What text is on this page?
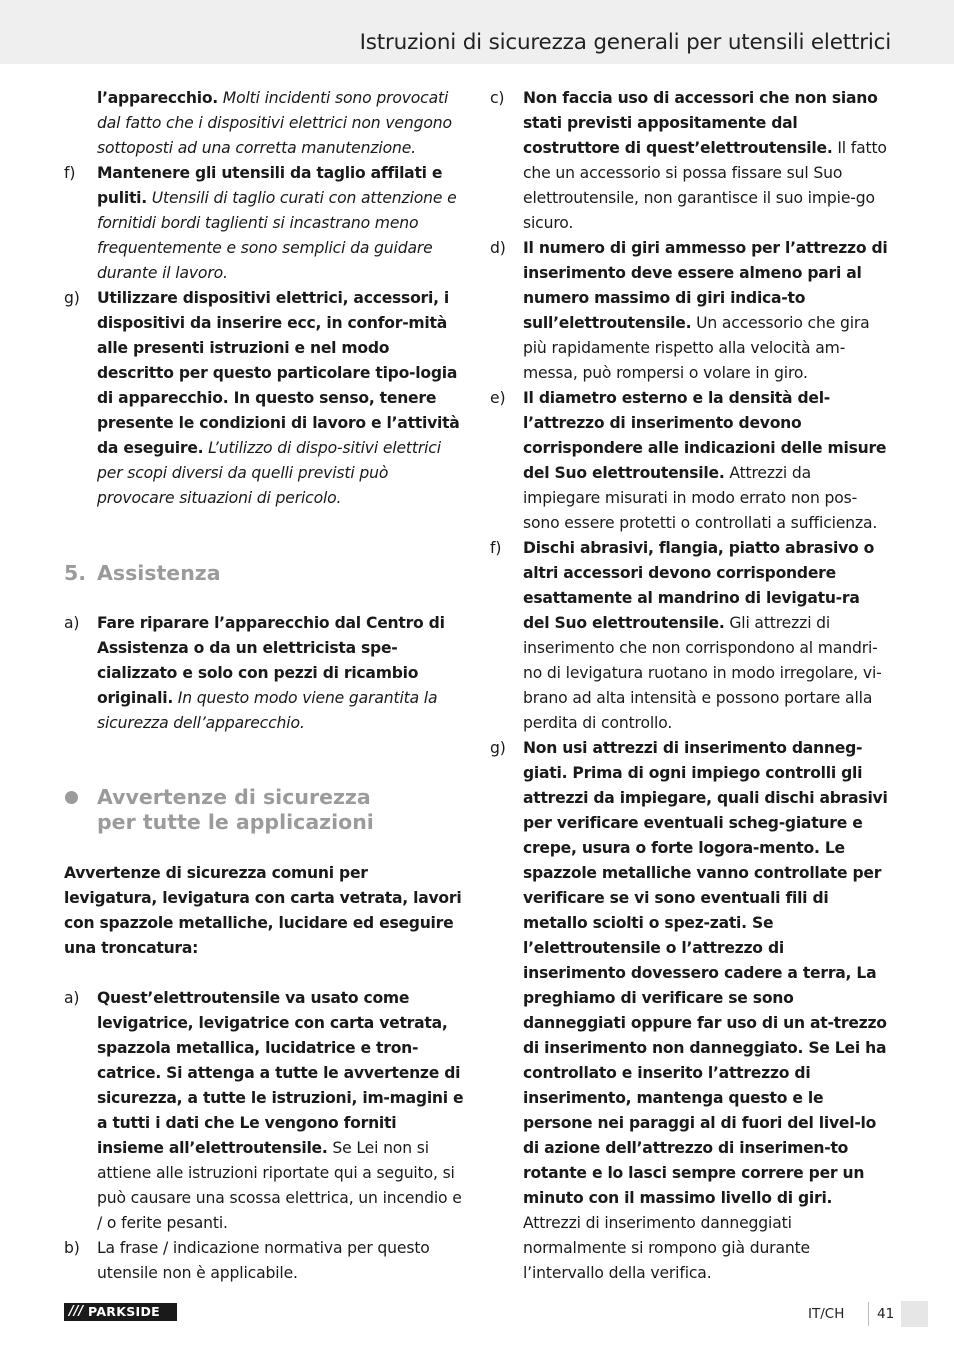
Istruzioni di sicurezza generali per utensili elettrici
l’apparecchio. Molti incidenti sono provocati dal fatto che i dispositivi elettrici non vengono sottoposti ad una corretta manutenzione.
f) Mantenere gli utensili da taglio affilati e puliti. Utensili di taglio curati con attenzione e fornitidi bordi taglienti si incastrano meno frequentemente e sono semplici da guidare durante il lavoro.
g) Utilizzare dispositivi elettrici, accessori, i dispositivi da inserire ecc, in confor-mità alle presenti istruzioni e nel modo descritto per questo particolare tipo-logia di apparecchio. In questo senso, tenere presente le condizioni di lavoro e l’attività da eseguire. L’utilizzo di dispo-sitivi elettrici per scopi diversi da quelli previsti può provocare situazioni di pericolo.
5. Assistenza
a) Fare riparare l’apparecchio dal Centro di Assistenza o da un elettricista spe-cializzato e solo con pezzi di ricambio originali. In questo modo viene garantita la sicurezza dell’apparecchio.
Avvertenze di sicurezza
per tutte le applicazioni
Avvertenze di sicurezza comuni per levigatura, levigatura con carta vetrata, lavori con spazzole metalliche, lucidare ed eseguire una troncatura:
a) Quest’elettroutensile va usato come levigatrice, levigatrice con carta vetrata, spazzola metallica, lucidatrice e tron-catrice. Si attenga a tutte le avvertenze di sicurezza, a tutte le istruzioni, im-magini e a tutti i dati che Le vengono forniti insieme all’elettroutensile. Se Lei non si attiene alle istruzioni riportate qui a seguito, si può causare una scossa elettrica, un incendio e / o ferite pesanti.
b) La frase / indicazione normativa per questo utensile non è applicabile.
c) Non faccia uso di accessori che non siano stati previsti appositamente dal costruttore di quest’elettroutensile. Il fatto che un accessorio si possa fissare sul Suo elettroutensile, non garantisce il suo impie-go sicuro.
d) Il numero di giri ammesso per l’attrezzo di inserimento deve essere almeno pari al numero massimo di giri indica-to sull’elettroutensile. Un accessorio che gira più rapidamente rispetto alla velocità am-messa, può rompersi o volare in giro.
e) Il diametro esterno e la densità del-l’attrezzo di inserimento devono corrispondere alle indicazioni delle misure del Suo elettroutensile. Attrezzi da impiegare misurati in modo errato non pos-sono essere protetti o controllati a sufficienza.
f) Dischi abrasivi, flangia, piatto abrasivo o altri accessori devono corrispondere esattamente al mandrino di levigatu-ra del Suo elettroutensile. Gli attrezzi di inserimento che non corrispondono al mandri-no di levigatura ruotano in modo irregolare, vi-brano ad alta intensità e possono portare alla perdita di controllo.
g) Non usi attrezzi di inserimento danneg-giati. Prima di ogni impiego controlli gli attrezzi da impiegare, quali dischi abrasivi per verificare eventuali scheg-giature e crepe, usura o forte logora-mento. Le spazzole metalliche vanno controllate per verificare se vi sono eventuali fili di metallo sciolti o spez-zati. Se l’elettroutensile o l’attrezzo di inserimento dovessero cadere a terra, La preghiamo di verificare se sono danneggiati oppure far uso di un at-trezzo di inserimento non danneggiato. Se Lei ha controllato e inserito l’attrezzo di inserimento, mantenga questo e le persone nei paraggi al di fuori del livel-lo di azione dell’attrezzo di inserimen-to rotante e lo lasci sempre correre per un minuto con il massimo livello di giri. Attrezzi di inserimento danneggiati normalmente si rompono già durante l’intervallo della verifica.
/// PARKSIDE	IT/CH 41
